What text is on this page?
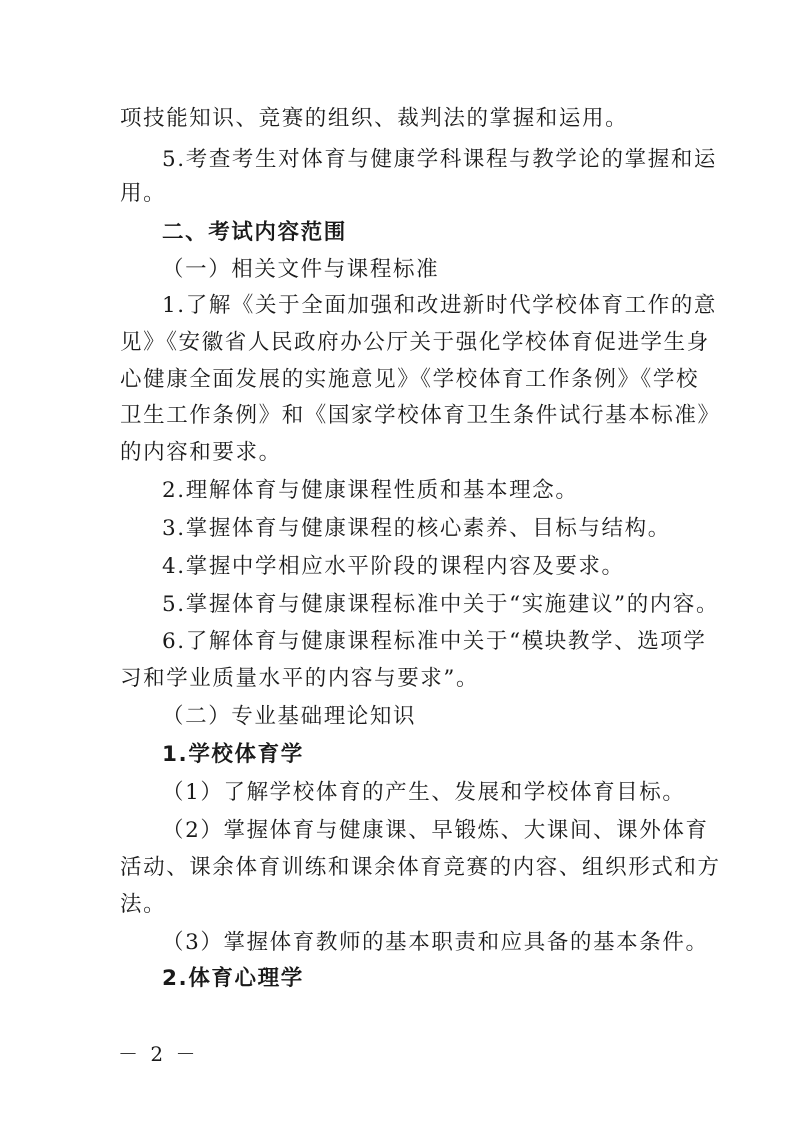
项技能知识、竞赛的组织、裁判法的掌握和运用。
5.考查考生对体育与健康学科课程与教学论的掌握和运
用。
二、考试内容范围
（一）相关文件与课程标准
1.了解《关于全面加强和改进新时代学校体育工作的意
见》《安徽省人民政府办公厅关于强化学校体育促进学生身
心健康全面发展的实施意见》《学校体育工作条例》《学校
卫生工作条例》和《国家学校体育卫生条件试行基本标准》
的内容和要求。
2.理解体育与健康课程性质和基本理念。
3.掌握体育与健康课程的核心素养、目标与结构。
4.掌握中学相应水平阶段的课程内容及要求。
5.掌握体育与健康课程标准中关于“实施建议”的内容。
6.了解体育与健康课程标准中关于“模块教学、选项学
习和学业质量水平的内容与要求”。
（二）专业基础理论知识
1.学校体育学
（1）了解学校体育的产生、发展和学校体育目标。
（2）掌握体育与健康课、早锻炼、大课间、课外体育
活动、课余体育训练和课余体育竞赛的内容、组织形式和方
法。
（3）掌握体育教师的基本职责和应具备的基本条件。
2.体育心理学
－ 2 －
